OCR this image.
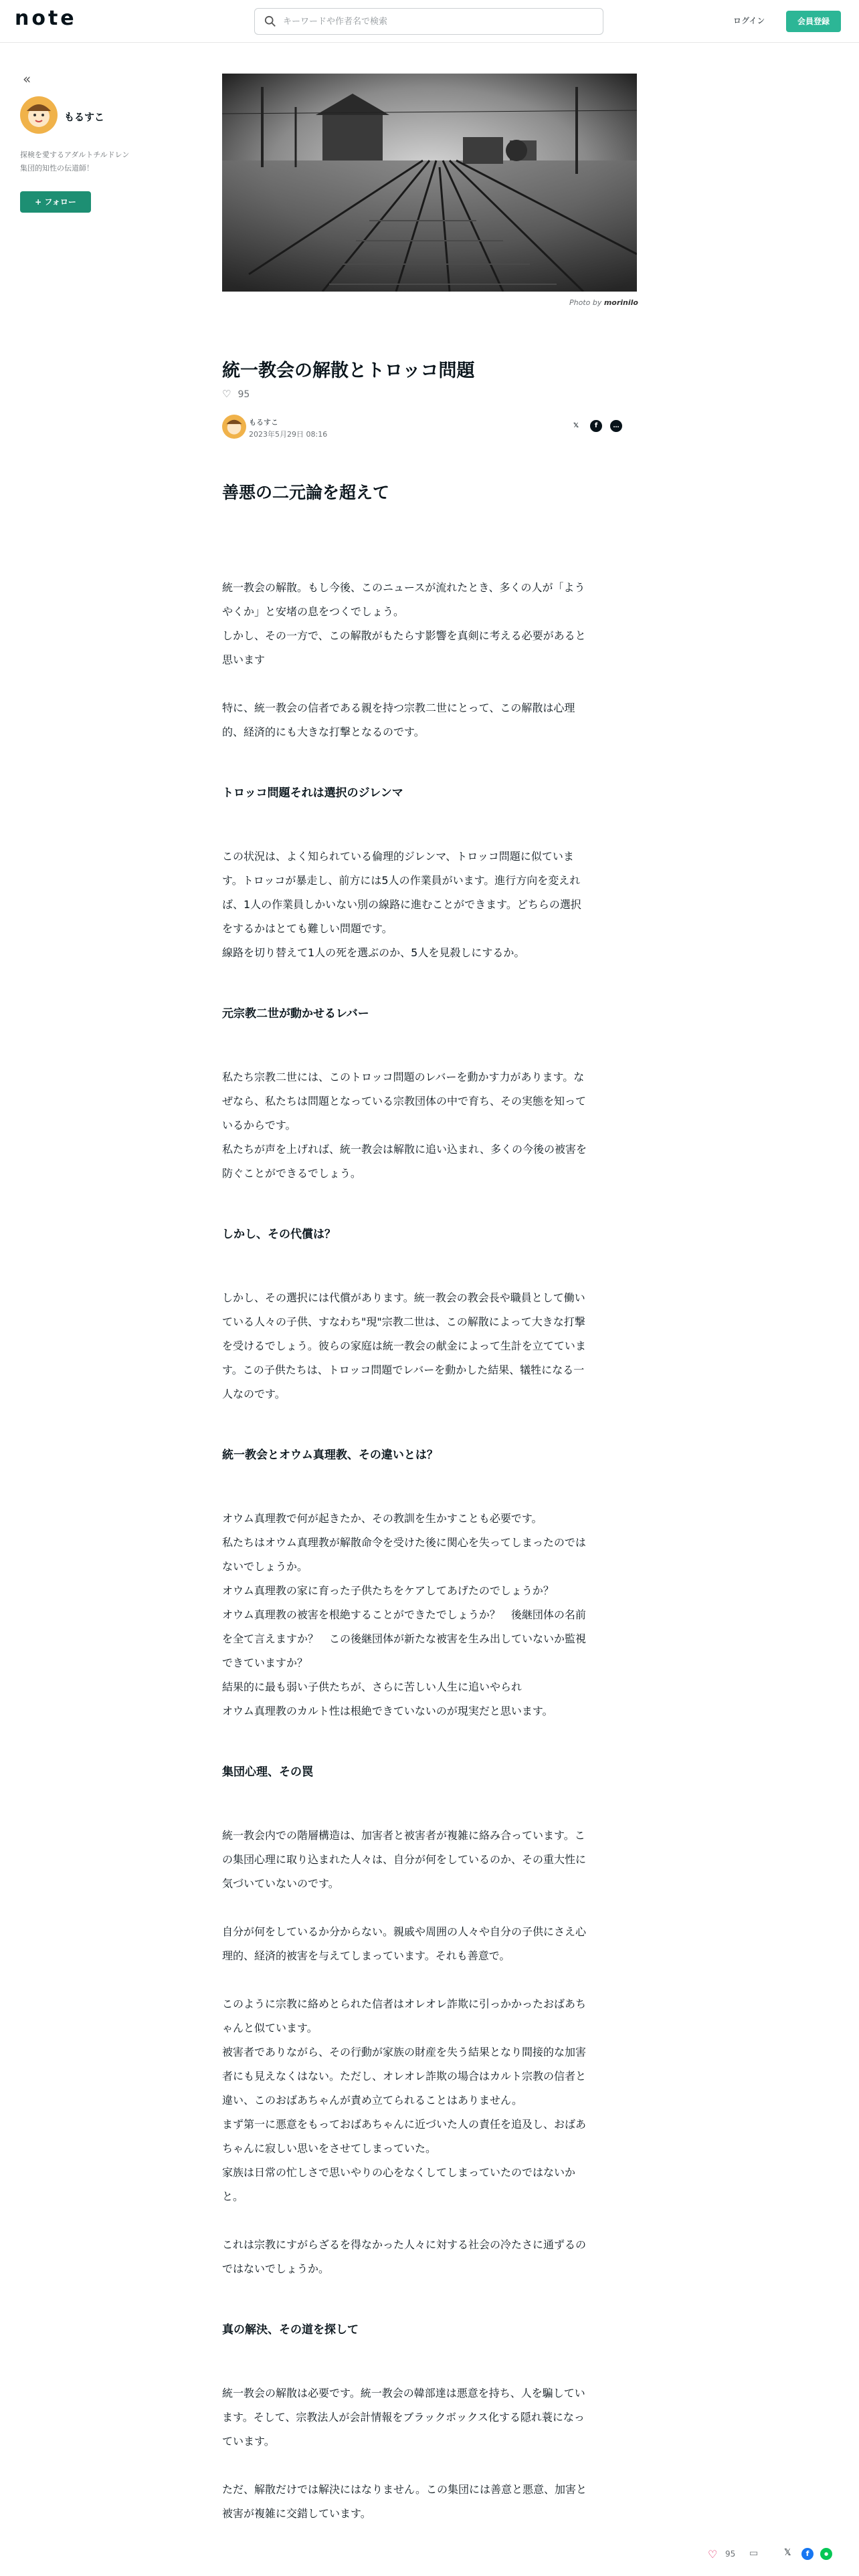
note
キーワードや作者名で検索	ログイン	会員登録
«
もるすこ
探検を愛するアダルトチルドレン
集団的知性の伝道師！
+ フォロー
Photo by morinilo
統一教会の解散とトロッコ問題
♡ 95
もるすこ
2023年5月29日 08:16
𝕏	f	…
善悪の二元論を超えて

統一教会の解散。もし今後、このニュースが流れたとき、多くの人が「よう

やくか」と安堵の息をつくでしょう。

しかし、その一方で、この解散がもたらす影響を真剣に考える必要があると

思います

特に、統一教会の信者である親を持つ宗教二世にとって、この解散は心理

的、経済的にも大きな打撃となるのです。

トロッコ問題それは選択のジレンマ

この状況は、よく知られている倫理的ジレンマ、トロッコ問題に似ていま

す。トロッコが暴走し、前方には5人の作業員がいます。進行方向を変えれ

ば、1人の作業員しかいない別の線路に進むことができます。どちらの選択

をするかはとても難しい問題です。

線路を切り替えて1人の死を選ぶのか、5人を見殺しにするか。

元宗教二世が動かせるレバー

私たち宗教二世には、このトロッコ問題のレバーを動かす力があります。な

ぜなら、私たちは問題となっている宗教団体の中で育ち、その実態を知って

いるからです。

私たちが声を上げれば、統一教会は解散に追い込まれ、多くの今後の被害を

防ぐことができるでしょう。

しかし、その代償は？

しかし、その選択には代償があります。統一教会の教会長や職員として働い

ている人々の子供、すなわち"現"宗教二世は、この解散によって大きな打撃

を受けるでしょう。彼らの家庭は統一教会の献金によって生計を立てていま

す。この子供たちは、トロッコ問題でレバーを動かした結果、犠牲になる一

人なのです。

統一教会とオウム真理教、その違いとは？

オウム真理教で何が起きたか、その教訓を生かすことも必要です。

私たちはオウム真理教が解散命令を受けた後に関心を失ってしまったのでは

ないでしょうか。

オウム真理教の家に育った子供たちをケアしてあげたのでしょうか？

オウム真理教の被害を根絶することができたでしょうか？　後継団体の名前

を全て言えますか？　この後継団体が新たな被害を生み出していないか監視

できていますか？

結果的に最も弱い子供たちが、さらに苦しい人生に追いやられ

オウム真理教のカルト性は根絶できていないのが現実だと思います。

集団心理、その罠

統一教会内での階層構造は、加害者と被害者が複雑に絡み合っています。こ

の集団心理に取り込まれた人々は、自分が何をしているのか、その重大性に

気づいていないのです。

自分が何をしているか分からない。親戚や周囲の人々や自分の子供にさえ心

理的、経済的被害を与えてしまっています。それも善意で。

このように宗教に絡めとられた信者はオレオレ詐欺に引っかかったおばあち

ゃんと似ています。

被害者でありながら、その行動が家族の財産を失う結果となり間接的な加害

者にも見えなくはない。ただし、オレオレ詐欺の場合はカルト宗教の信者と

違い、このおばあちゃんが責め立てられることはありません。

まず第一に悪意をもっておばあちゃんに近づいた人の責任を追及し、おばあ

ちゃんに寂しい思いをさせてしまっていた。

家族は日常の忙しさで思いやりの心をなくしてしまっていたのではないか

と。

これは宗教にすがらざるを得なかった人々に対する社会の冷たさに通ずるの

ではないでしょうか。

真の解決、その道を探して

統一教会の解散は必要です。統一教会の韓部達は悪意を持ち、人を騙してい

ます。そして、宗教法人が会計情報をブラックボックス化する隠れ蓑になっ

ています。

ただ、解散だけでは解決にはなりません。この集団には善意と悪意、加害と

被害が複雑に交錯しています。

♡ 95 ▭	𝕏	f	●
